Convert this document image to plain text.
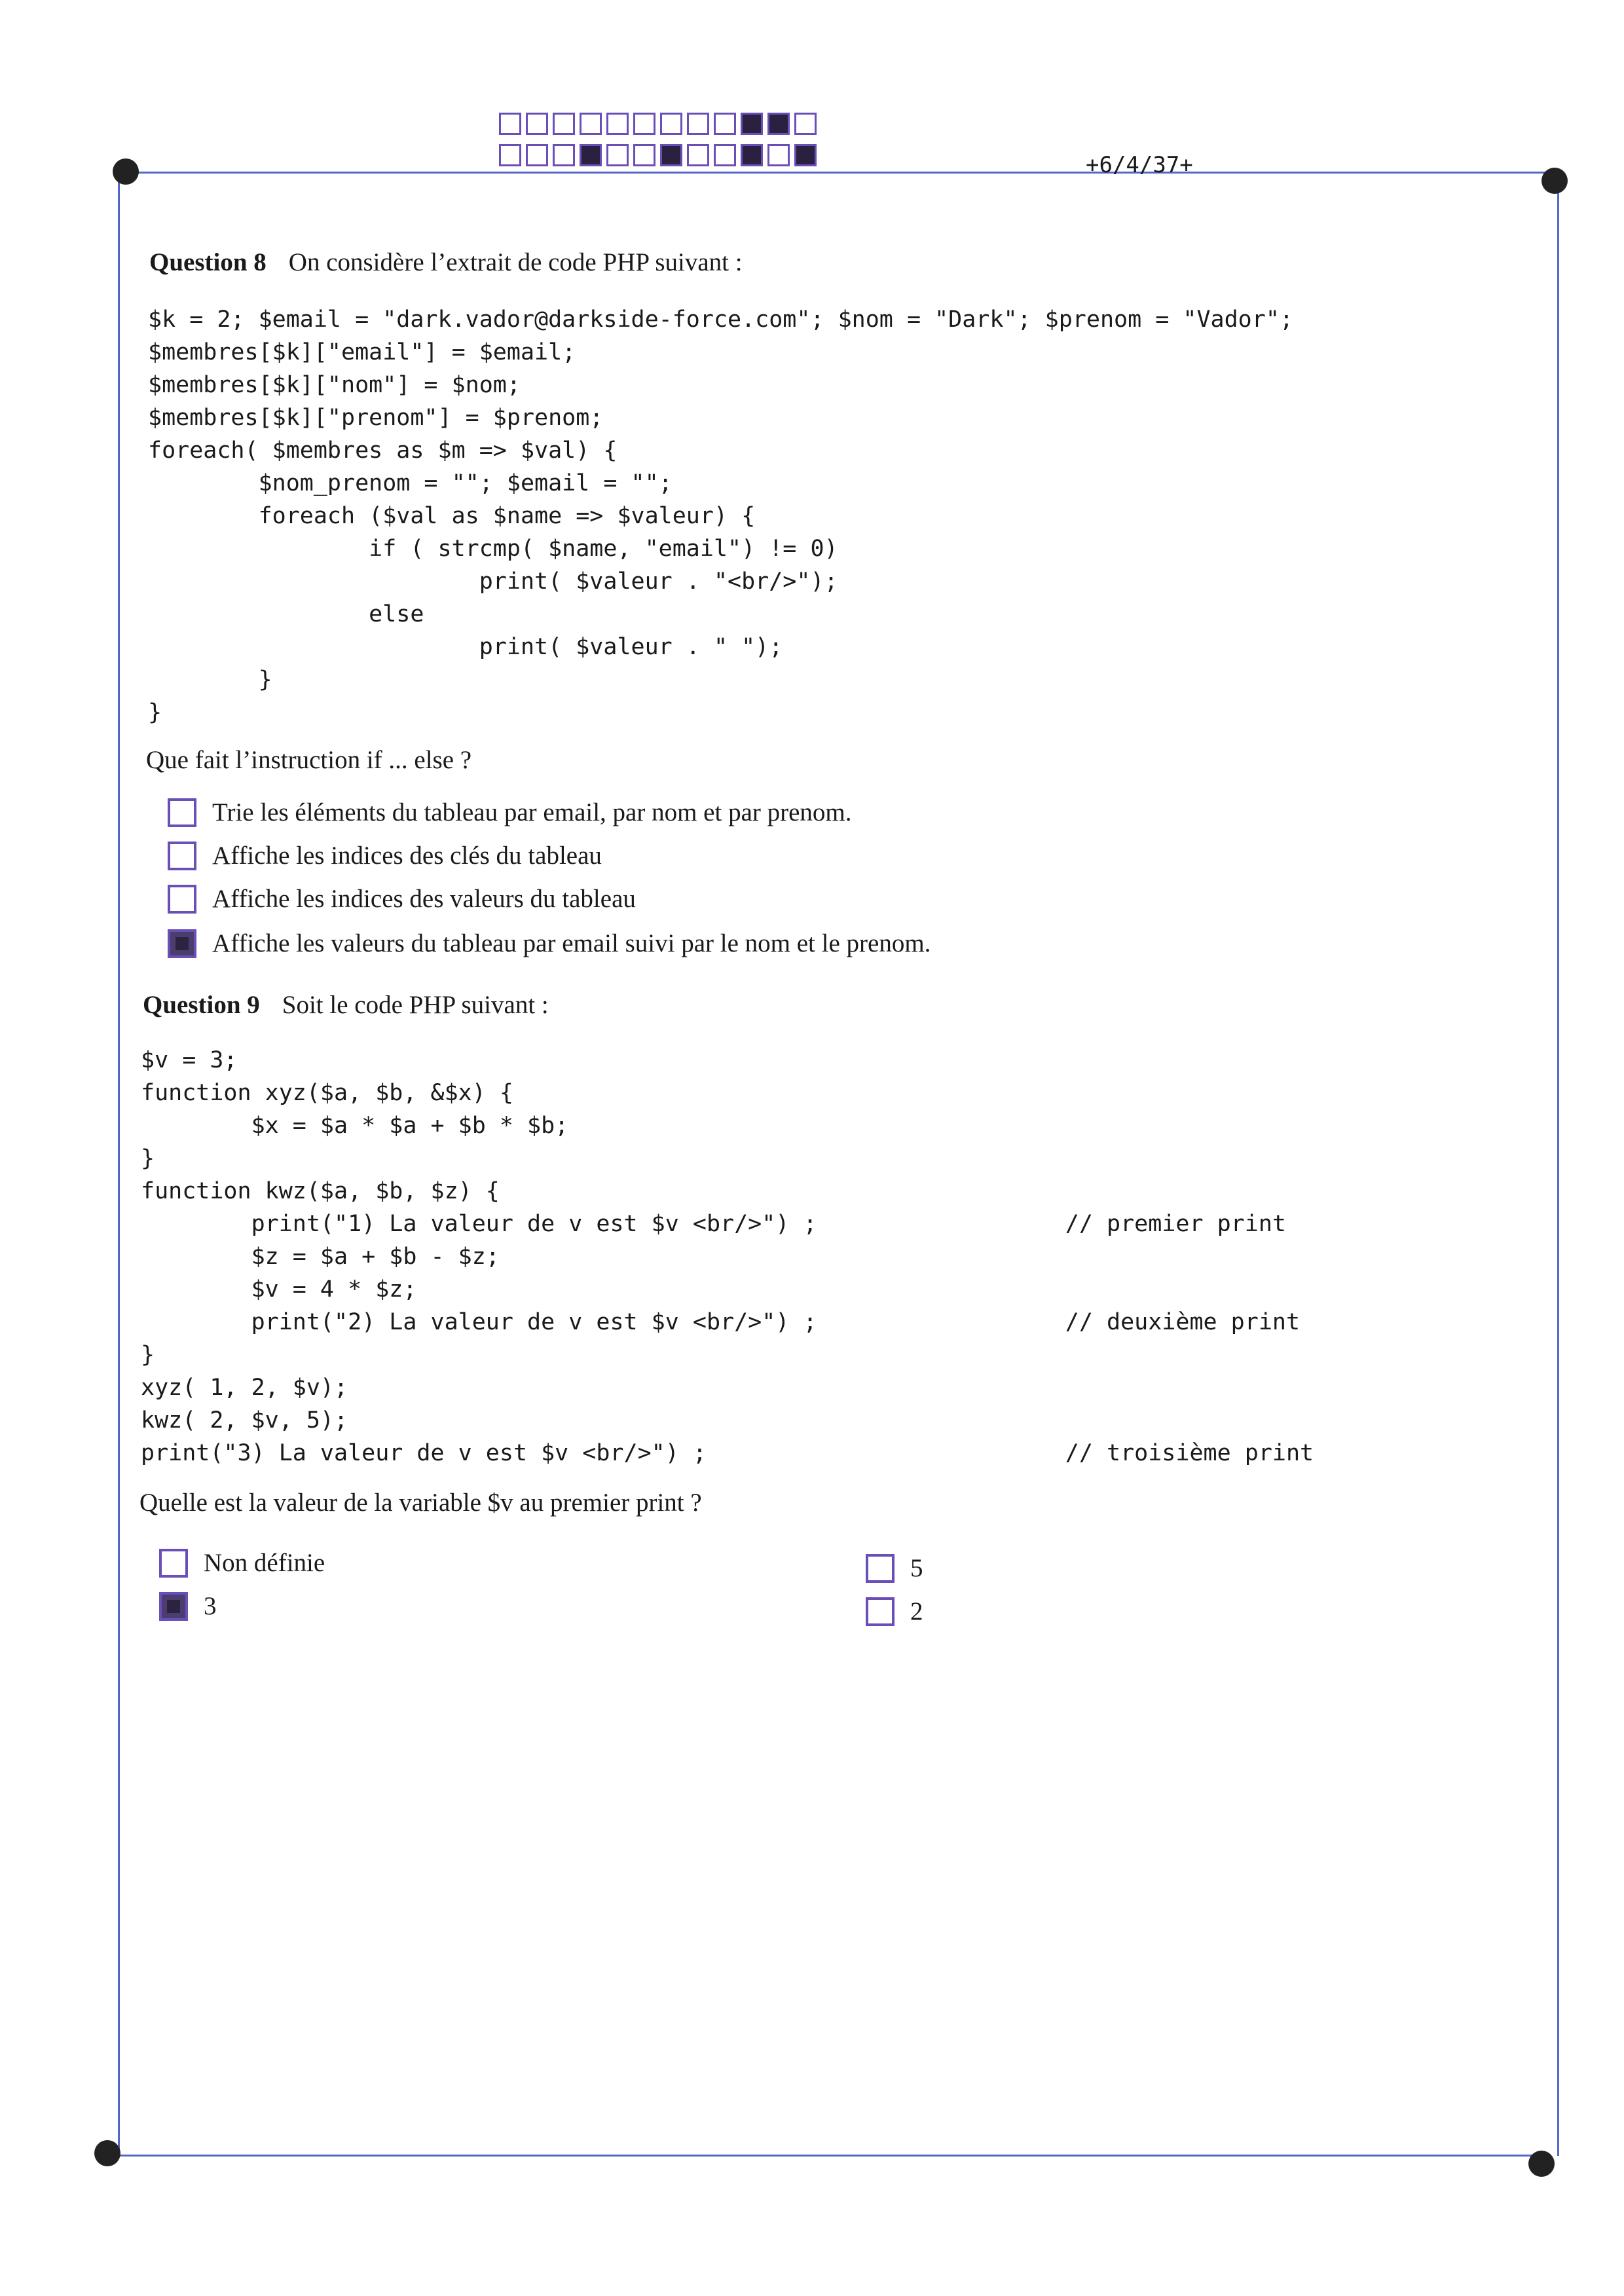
+6/4/37+
Question 8 On considère l’extrait de code PHP suivant :
$k = 2; $email = "dark.vador@darkside-force.com"; $nom = "Dark"; $prenom = "Vador";
$membres[$k]["email"] = $email;
$membres[$k]["nom"] = $nom;
$membres[$k]["prenom"] = $prenom;
foreach( $membres as $m => $val) {
$nom_prenom = ""; $email = "";
foreach ($val as $name => $valeur) {
if ( strcmp( $name, "email") != 0)
print( $valeur . "<br/>");
else
print( $valeur . " ");
}
}
Que fait l’instruction if ... else ?
Trie les éléments du tableau par email, par nom et par prenom.
Affiche les indices des clés du tableau
Affiche les indices des valeurs du tableau
Affiche les valeurs du tableau par email suivi par le nom et le prenom.
Question 9 Soit le code PHP suivant :
$v = 3;
function xyz($a, $b, &$x) {
$x = $a * $a + $b * $b;
}
function kwz($a, $b, $z) {
print("1) La valeur de v est $v <br/>") ;                  // premier print
$z = $a + $b - $z;
$v = 4 * $z;
print("2) La valeur de v est $v <br/>") ;                  // deuxième print
}
xyz( 1, 2, $v);
kwz( 2, $v, 5);
print("3) La valeur de v est $v <br/>") ;                          // troisième print
Quelle est la valeur de la variable $v au premier print ?
Non définie
3
5
2
